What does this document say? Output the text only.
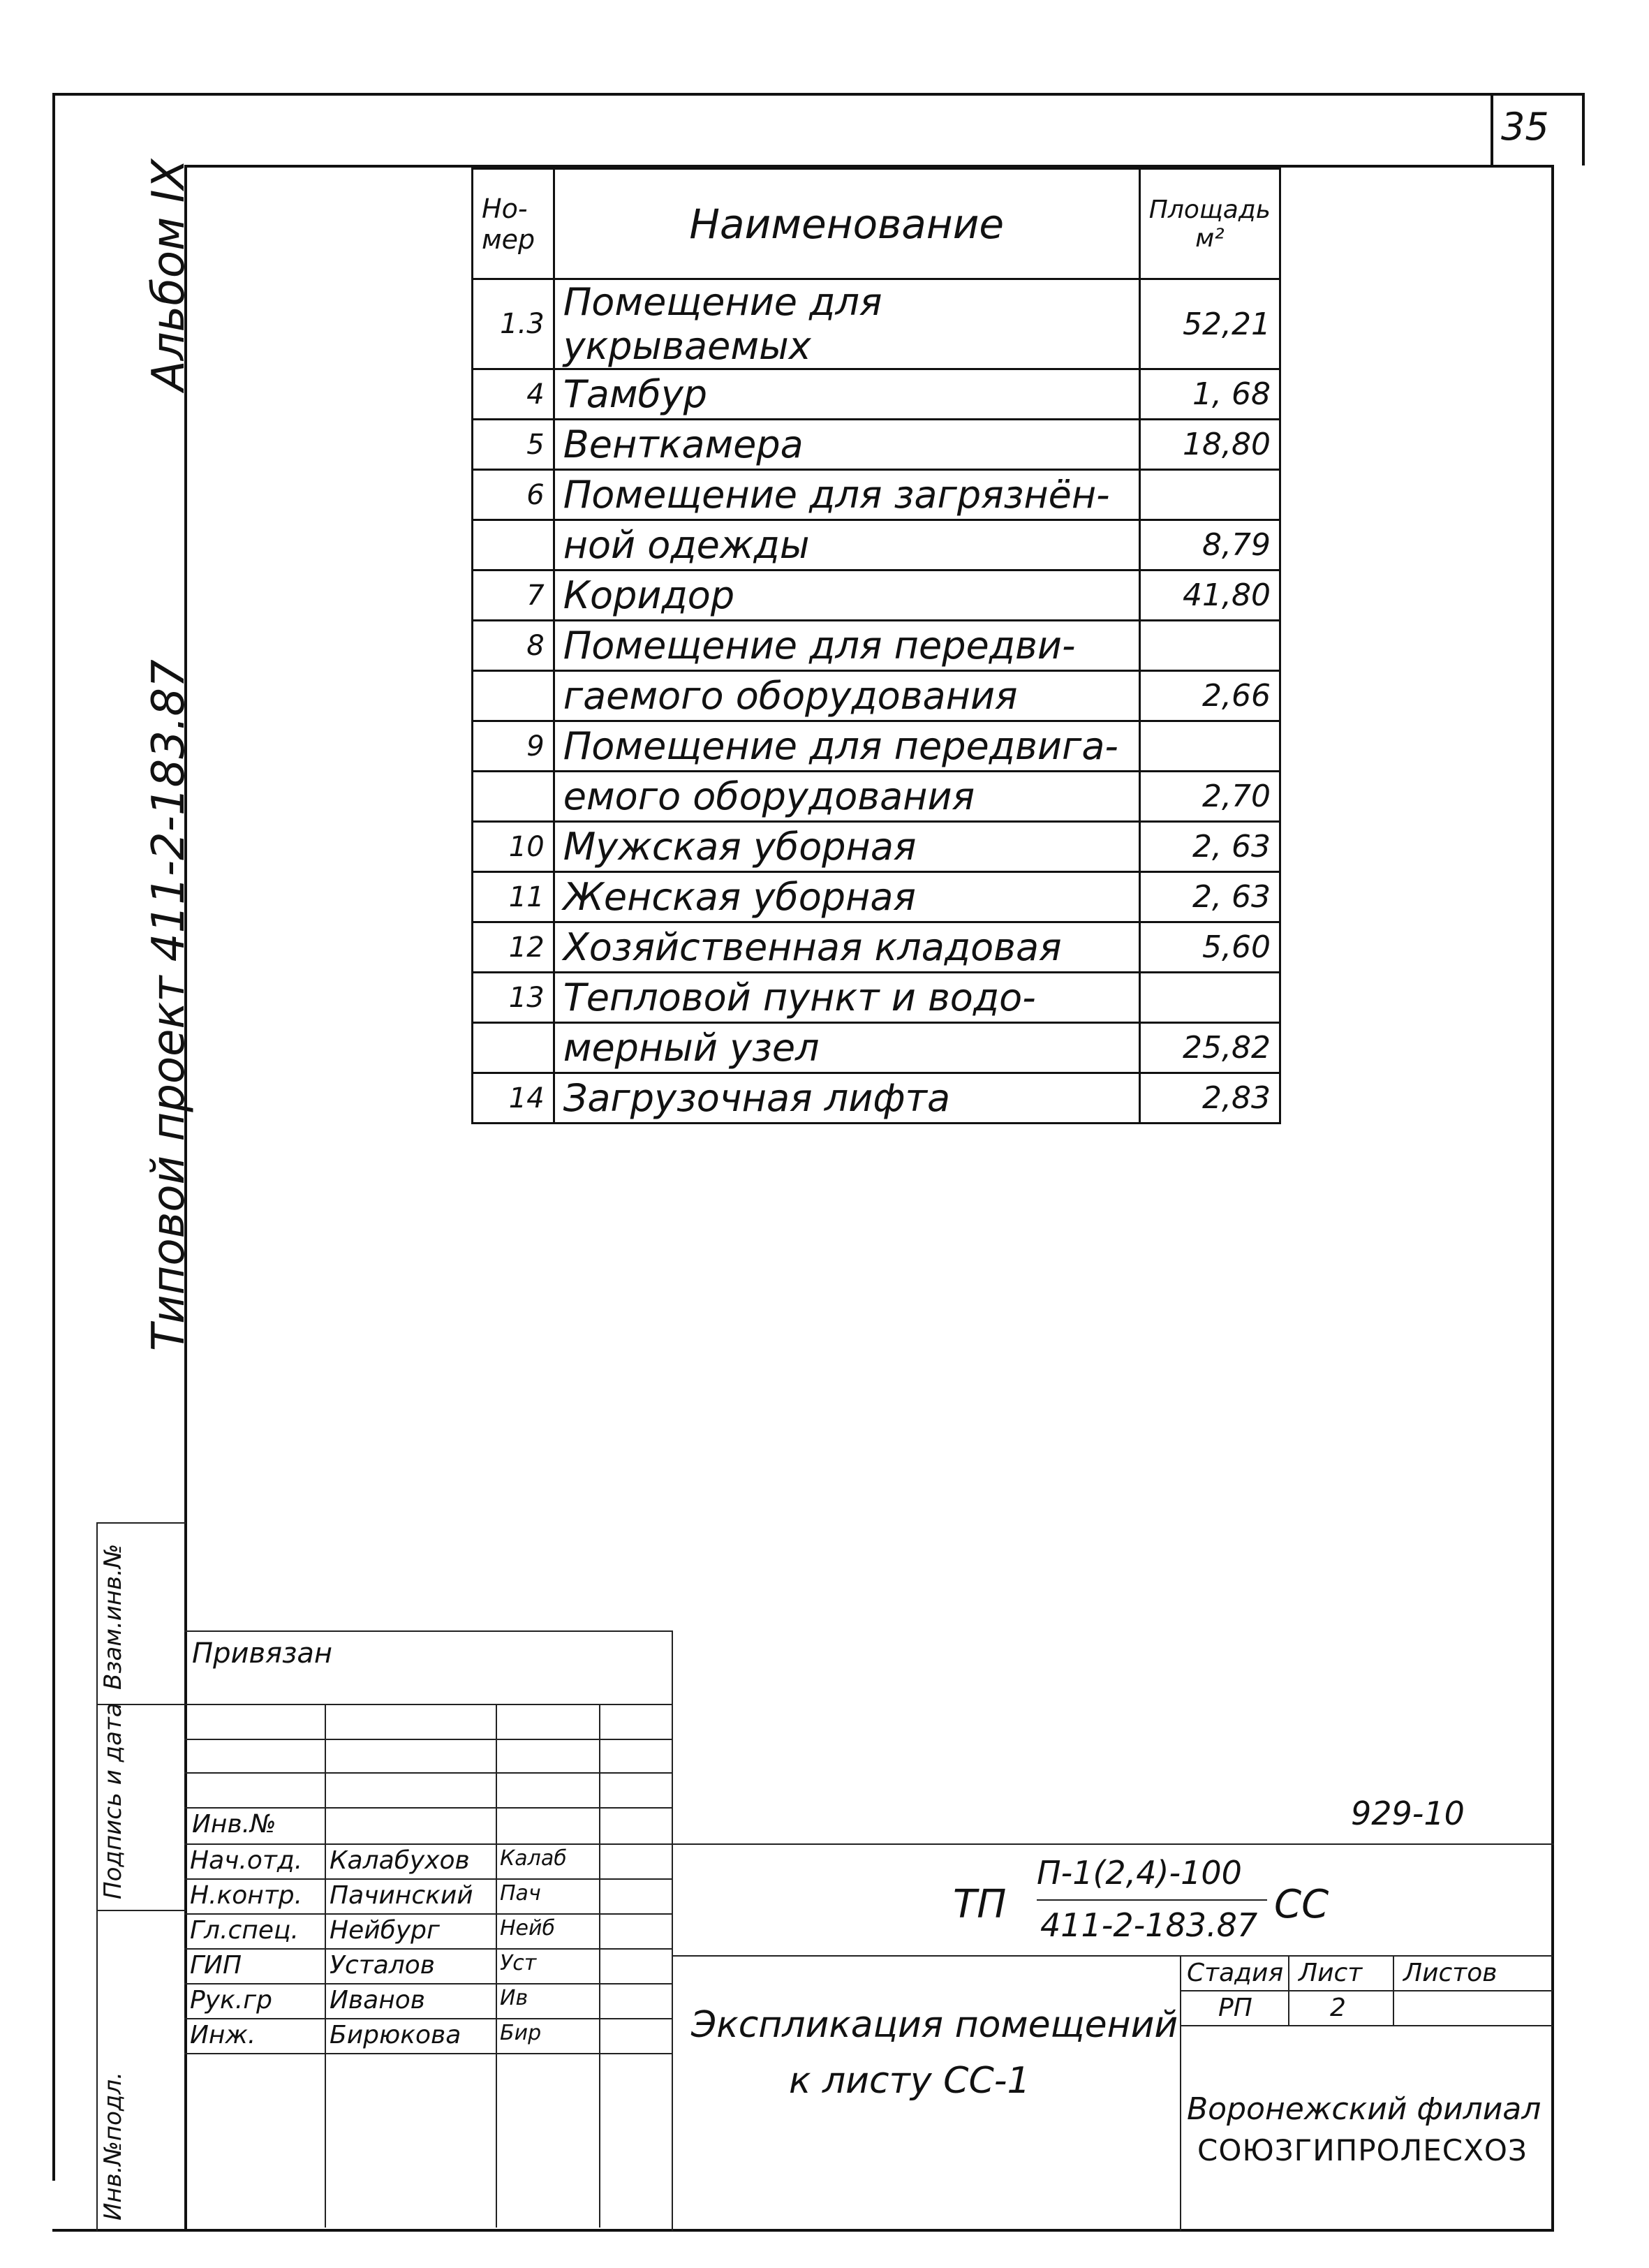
35
Альбом IX
Типовой проект 411-2-183.87
Но-мер	Наименование	Площадь м²
1.3	Помещение для укрываемых	52,21
4	Тамбур	1, 68
5	Венткамера	18,80
6	Помещение для загрязнён-	
	ной одежды	8,79
7	Коридор	41,80
8	Помещение для передви-	
	гаемого оборудования	2,66
9	Помещение для передвига-	
	емого оборудования	2,70
10	Мужская уборная	2, 63
11	Женская уборная	2, 63
12	Хозяйственная кладовая	5,60
13	Тепловой пункт и водо-	
	мерный узел	25,82
14	Загрузочная лифта	2,83
Взам.инв.№
Подпись и дата
Инв.№подл.
Привязан
Инв.№	929-10
Нач.отд. Калабухов Калаб
Н.контр. Пачинский Пач
Гл.спец. Нейбург	Нейб
ГИП	Усталов	Уст
Рук.гр Иванов	Ив
Инж.	Бирюкова Бир
ТП
П-1(2,4)-100
411-2-183.87 СС
Экспликация помещений
к листу СС-1
Стадия Лист Листов
РП	2
Воронежский филиал
СОЮЗГИПРОЛЕСХОЗ
